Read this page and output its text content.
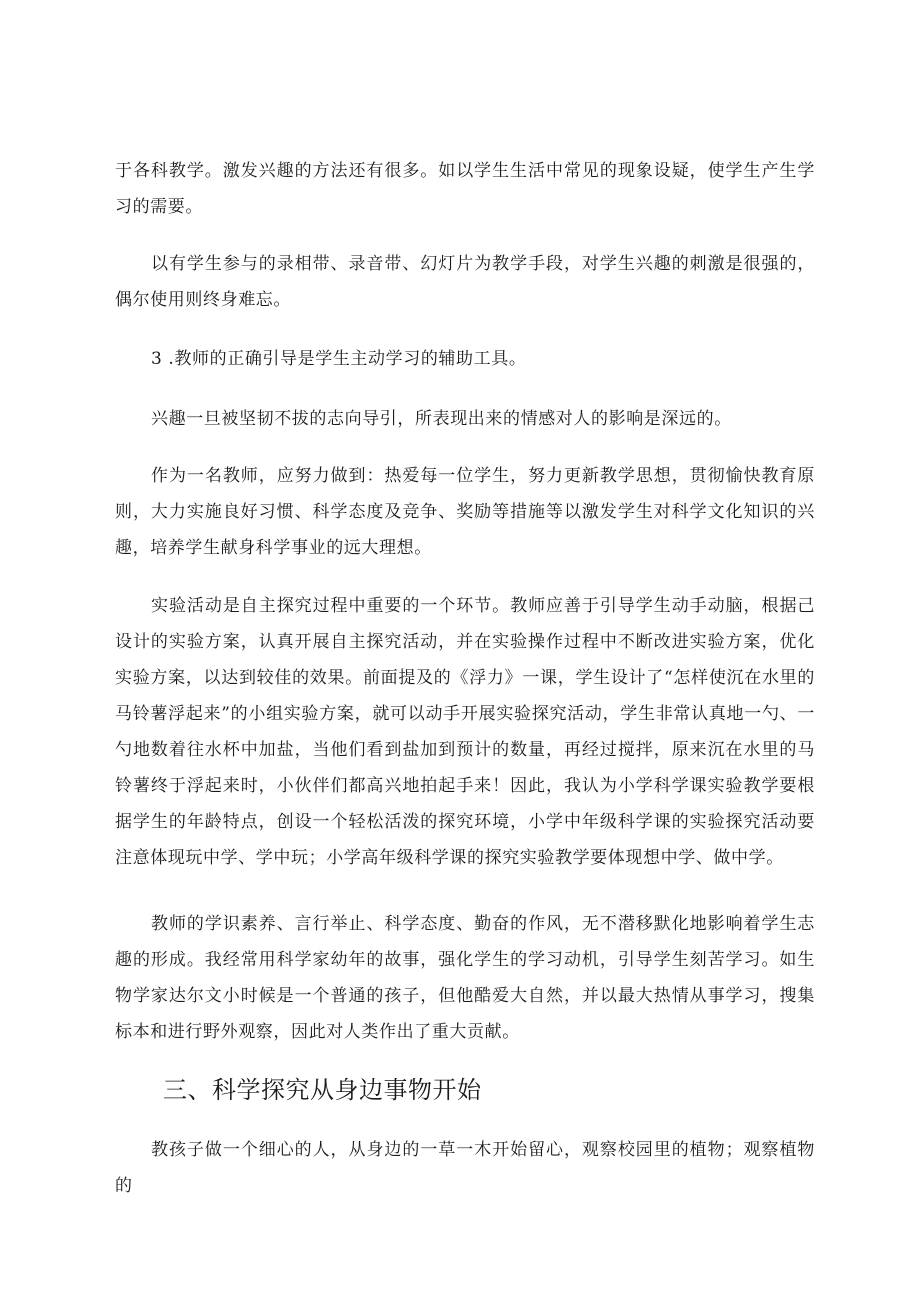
于各科教学。激发兴趣的方法还有很多。如以学生生活中常见的现象设疑，使学生产生学习的需要。

以有学生参与的录相带、录音带、幻灯片为教学手段，对学生兴趣的刺激是很强的，偶尔使用则终身难忘。

3 .教师的正确引导是学生主动学习的辅助工具。

兴趣一旦被坚韧不拔的志向导引，所表现出来的情感对人的影响是深远的。

作为一名教师，应努力做到：热爱每一位学生，努力更新教学思想，贯彻愉快教育原则，大力实施良好习惯、科学态度及竞争、奖励等措施等以激发学生对科学文化知识的兴趣，培养学生献身科学事业的远大理想。

实验活动是自主探究过程中重要的一个环节。教师应善于引导学生动手动脑，根据己设计的实验方案，认真开展自主探究活动，并在实验操作过程中不断改进实验方案，优化实验方案，以达到较佳的效果。前面提及的《浮力》一课，学生设计了“怎样使沉在水里的马铃薯浮起来”的小组实验方案，就可以动手开展实验探究活动，学生非常认真地一勺、一勺地数着往水杯中加盐，当他们看到盐加到预计的数量，再经过搅拌，原来沉在水里的马铃薯终于浮起来时，小伙伴们都高兴地拍起手来！因此，我认为小学科学课实验教学要根据学生的年龄特点，创设一个轻松活泼的探究环境，小学中年级科学课的实验探究活动要注意体现玩中学、学中玩；小学高年级科学课的探究实验教学要体现想中学、做中学。

教师的学识素养、言行举止、科学态度、勤奋的作风，无不潜移默化地影响着学生志趣的形成。我经常用科学家幼年的故事，强化学生的学习动机，引导学生刻苦学习。如生物学家达尔文小时候是一个普通的孩子，但他酷爱大自然，并以最大热情从事学习，搜集标本和进行野外观察，因此对人类作出了重大贡献。

三、科学探究从身边事物开始

教孩子做一个细心的人，从身边的一草一木开始留心，观察校园里的植物；观察植物的
